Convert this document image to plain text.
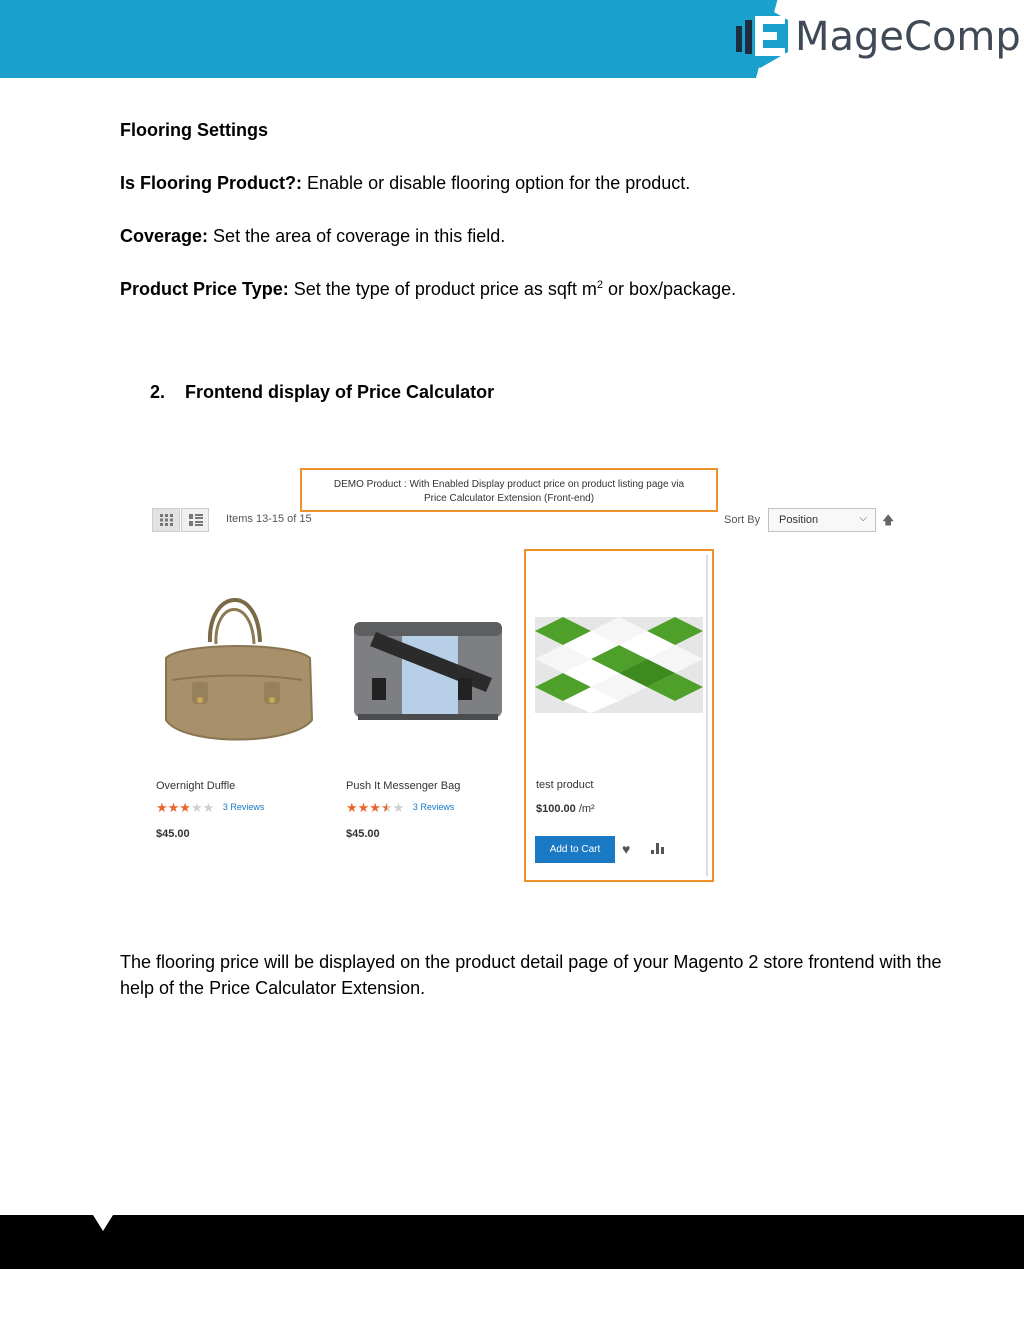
MageComp
Flooring Settings
Is Flooring Product?: Enable or disable flooring option for the product.
Coverage: Set the area of coverage in this field.
Product Price Type: Set the type of product price as sqft $m^2$ or box/package.
2. Frontend display of Price Calculator
DEMO Product : With Enabled Display product price on product listing page via
Price Calculator Extension (Front-end)
Items 13-15 of 15	Sort By	Position	⌵ 🡅
Overnight Duffle
★★★★★ 3 Reviews
$45.00
Push It Messenger Bag
★★★★★ 3 Reviews
$45.00
test product
$100.00 /m²
Add to Cart	♥
The flooring price will be displayed on the product detail page of your Magento 2 store frontend with the help of the Price Calculator Extension.
